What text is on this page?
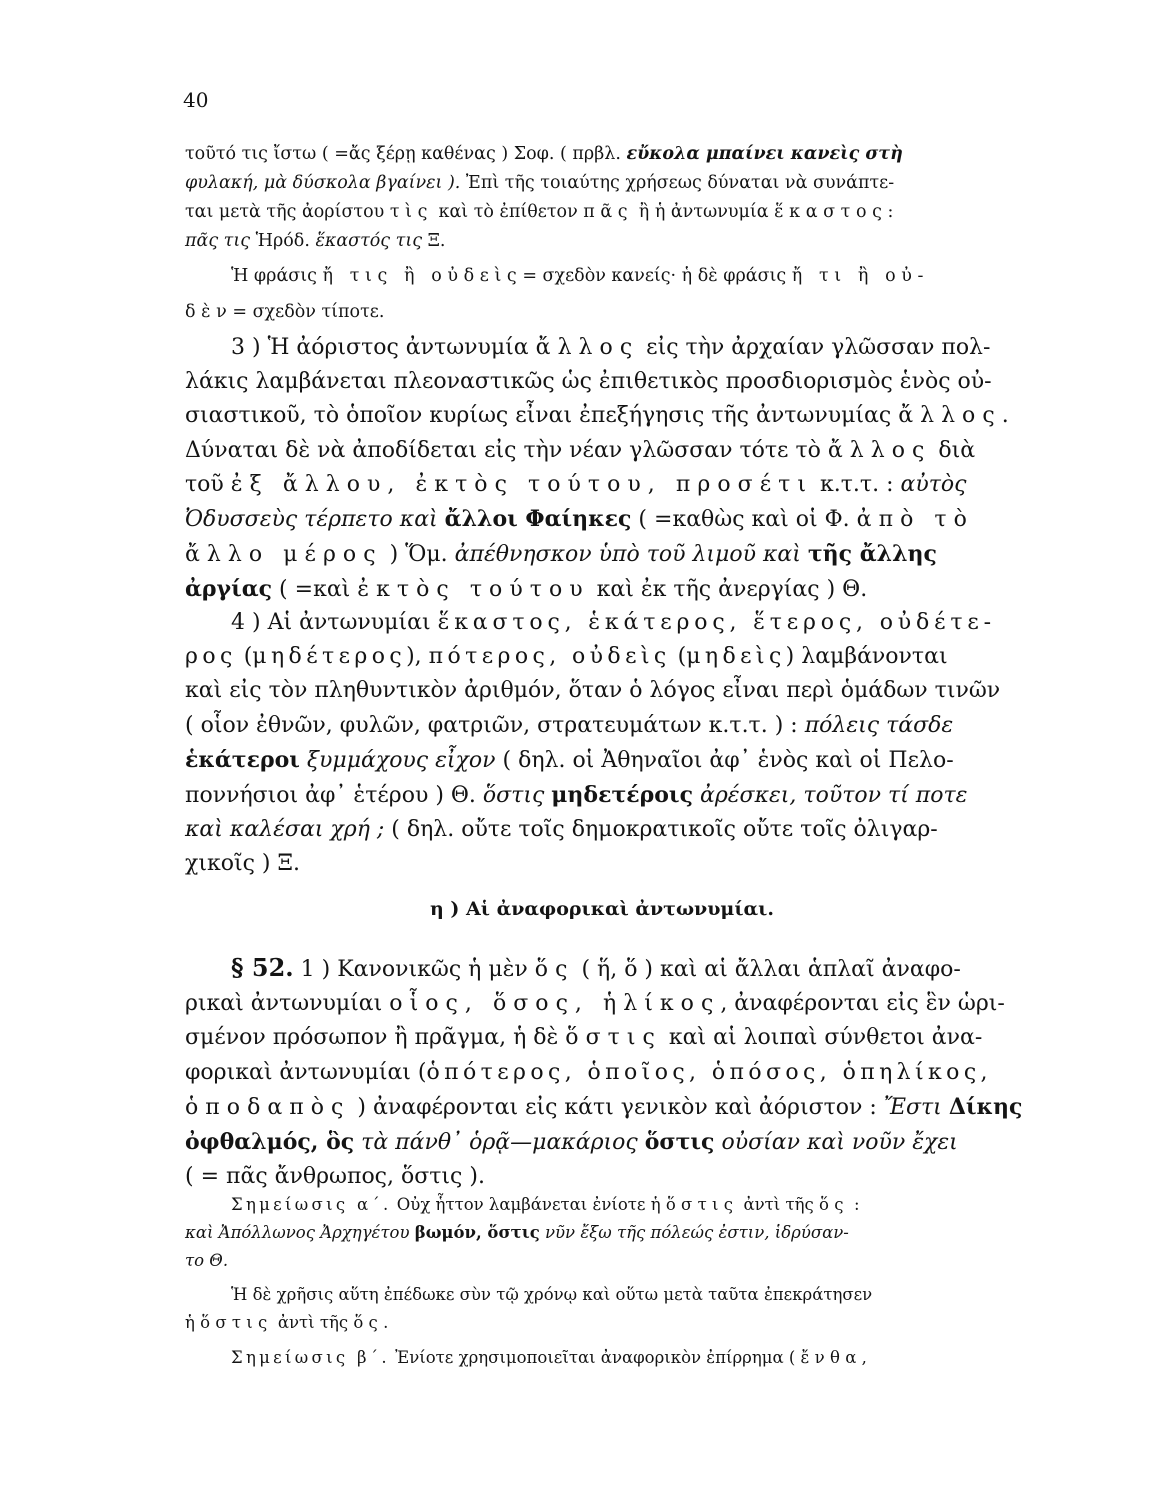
40
τοῦτό τις ἴστω ( =ἄς ξέρῃ καθένας ) Σοφ. ( πρβλ. εὔκολα μπαίνει κανεὶς στὴ
φυλακή, μὰ δύσκολα βγαίνει ). Ἐπὶ τῆς τοιαύτης χρήσεως δύναται νὰ συνάπτε-
ται μετὰ τῆς ἀορίστου τὶς καὶ τὸ ἐπίθετον πᾶς ἢ ἡ ἀντωνυμία ἕκαστος:
πᾶς τις Ἡρόδ. ἕκαστός τις Ξ.
Ἡ φράσις ἤ τις ἢ οὐδεὶς= σχεδὸν κανείς· ἡ δὲ φράσις ἤ τι ἢ οὐ-
δὲν= σχεδὸν τίποτε.
3 ) Ἡ ἀόριστος ἀντωνυμία ἄλλος εἰς τὴν ἀρχαίαν γλῶσσαν πολ-
λάκις λαμβάνεται πλεοναστικῶς ὡς ἐπιθετικὸς προσδιορισμὸς ἑνὸς οὐ-
σιαστικοῦ, τὸ ὁποῖον κυρίως εἶναι ἐπεξήγησις τῆς ἀντωνυμίας ἄλλος.
Δύναται δὲ νὰ ἀποδίδεται εἰς τὴν νέαν γλῶσσαν τότε τὸ ἄλλος διὰ
τοῦ ἐξ ἄλλου, ἐκτὸς τούτου, προσέτι κ.τ.τ. : αὐτὸς
Ὀδυσσεὺς τέρπετο καὶ ἄλλοι Φαίηκες ( =καθὼς καὶ οἱ Φ. ἀπὸ τὸ
ἄλλο μέρος ) Ὅμ. ἀπέθνησκον ὑπὸ τοῦ λιμοῦ καὶ τῆς ἄλλης
ἀργίας ( =καὶ ἐκτὸς τούτου καὶ ἐκ τῆς ἀνεργίας ) Θ.
4 ) Αἱ ἀντωνυμίαι ἕκαστος, ἑκάτερος, ἕτερος, οὐδέτε-
ρος (μηδέτερος), πότερος, οὐδεὶς (μηδεὶς) λαμβάνονται
καὶ εἰς τὸν πληθυντικὸν ἀριθμόν, ὅταν ὁ λόγος εἶναι περὶ ὁμάδων τινῶν
( οἷον ἐθνῶν, φυλῶν, φατριῶν, στρατευμάτων κ.τ.τ. ) : πόλεις τάσδε
ἑκάτεροι ξυμμάχους εἶχον ( δηλ. οἱ Ἀθηναῖοι ἀφ᾽ ἑνὸς καὶ οἱ Πελο-
ποννήσιοι ἀφ᾽ ἑτέρου ) Θ. ὅστις μηδετέροις ἀρέσκει, τοῦτον τί ποτε
καὶ καλέσαι χρή ; ( δηλ. οὔτε τοῖς δημοκρατικοῖς οὔτε τοῖς ὀλιγαρ-
χικοῖς ) Ξ.
η ) Αἱ ἀναφορικαὶ ἀντωνυμίαι.
§ 52. 1 ) Κανονικῶς ἡ μὲν ὅς ( ἥ, ὅ ) καὶ αἱ ἄλλαι ἁπλαῖ ἀναφο-
ρικαὶ ἀντωνυμίαι οἷος, ὅσος, ἡλίκος, ἀναφέρονται εἰς ἓν ὡρι-
σμένον πρόσωπον ἢ πρᾶγμα, ἡ δὲ ὅστις καὶ αἱ λοιπαὶ σύνθετοι ἀνα-
φορικαὶ ἀντωνυμίαι (ὁπότερος, ὁποῖος, ὁπόσος, ὁπηλίκος,
ὁποδαπὸς ) ἀναφέρονται εἰς κάτι γενικὸν καὶ ἀόριστον : Ἔστι Δίκης
ὀφθαλμός, ὃς τὰ πάνθ᾽ ὁρᾷ—μακάριος ὅστις οὐσίαν καὶ νοῦν ἔχει
( = πᾶς ἄνθρωπος, ὅστις ).
Σημείωσις α΄. Οὐχ ἧττον λαμβάνεται ἐνίοτε ἡ ὅστις ἀντὶ τῆς ὅς :
καὶ Ἀπόλλωνος Ἀρχηγέτου βωμόν, ὅστις νῦν ἔξω τῆς πόλεώς ἐστιν, ἱδρύσαν-
το Θ.
Ἡ δὲ χρῆσις αὕτη ἐπέδωκε σὺν τῷ χρόνῳ καὶ οὕτω μετὰ ταῦτα ἐπεκράτησεν
ἡ ὅστις ἀντὶ τῆς ὅς.
Σημείωσις β΄. Ἐνίοτε χρησιμοποιεῖται ἀναφορικὸν ἐπίρρημα ( ἔνθα,
